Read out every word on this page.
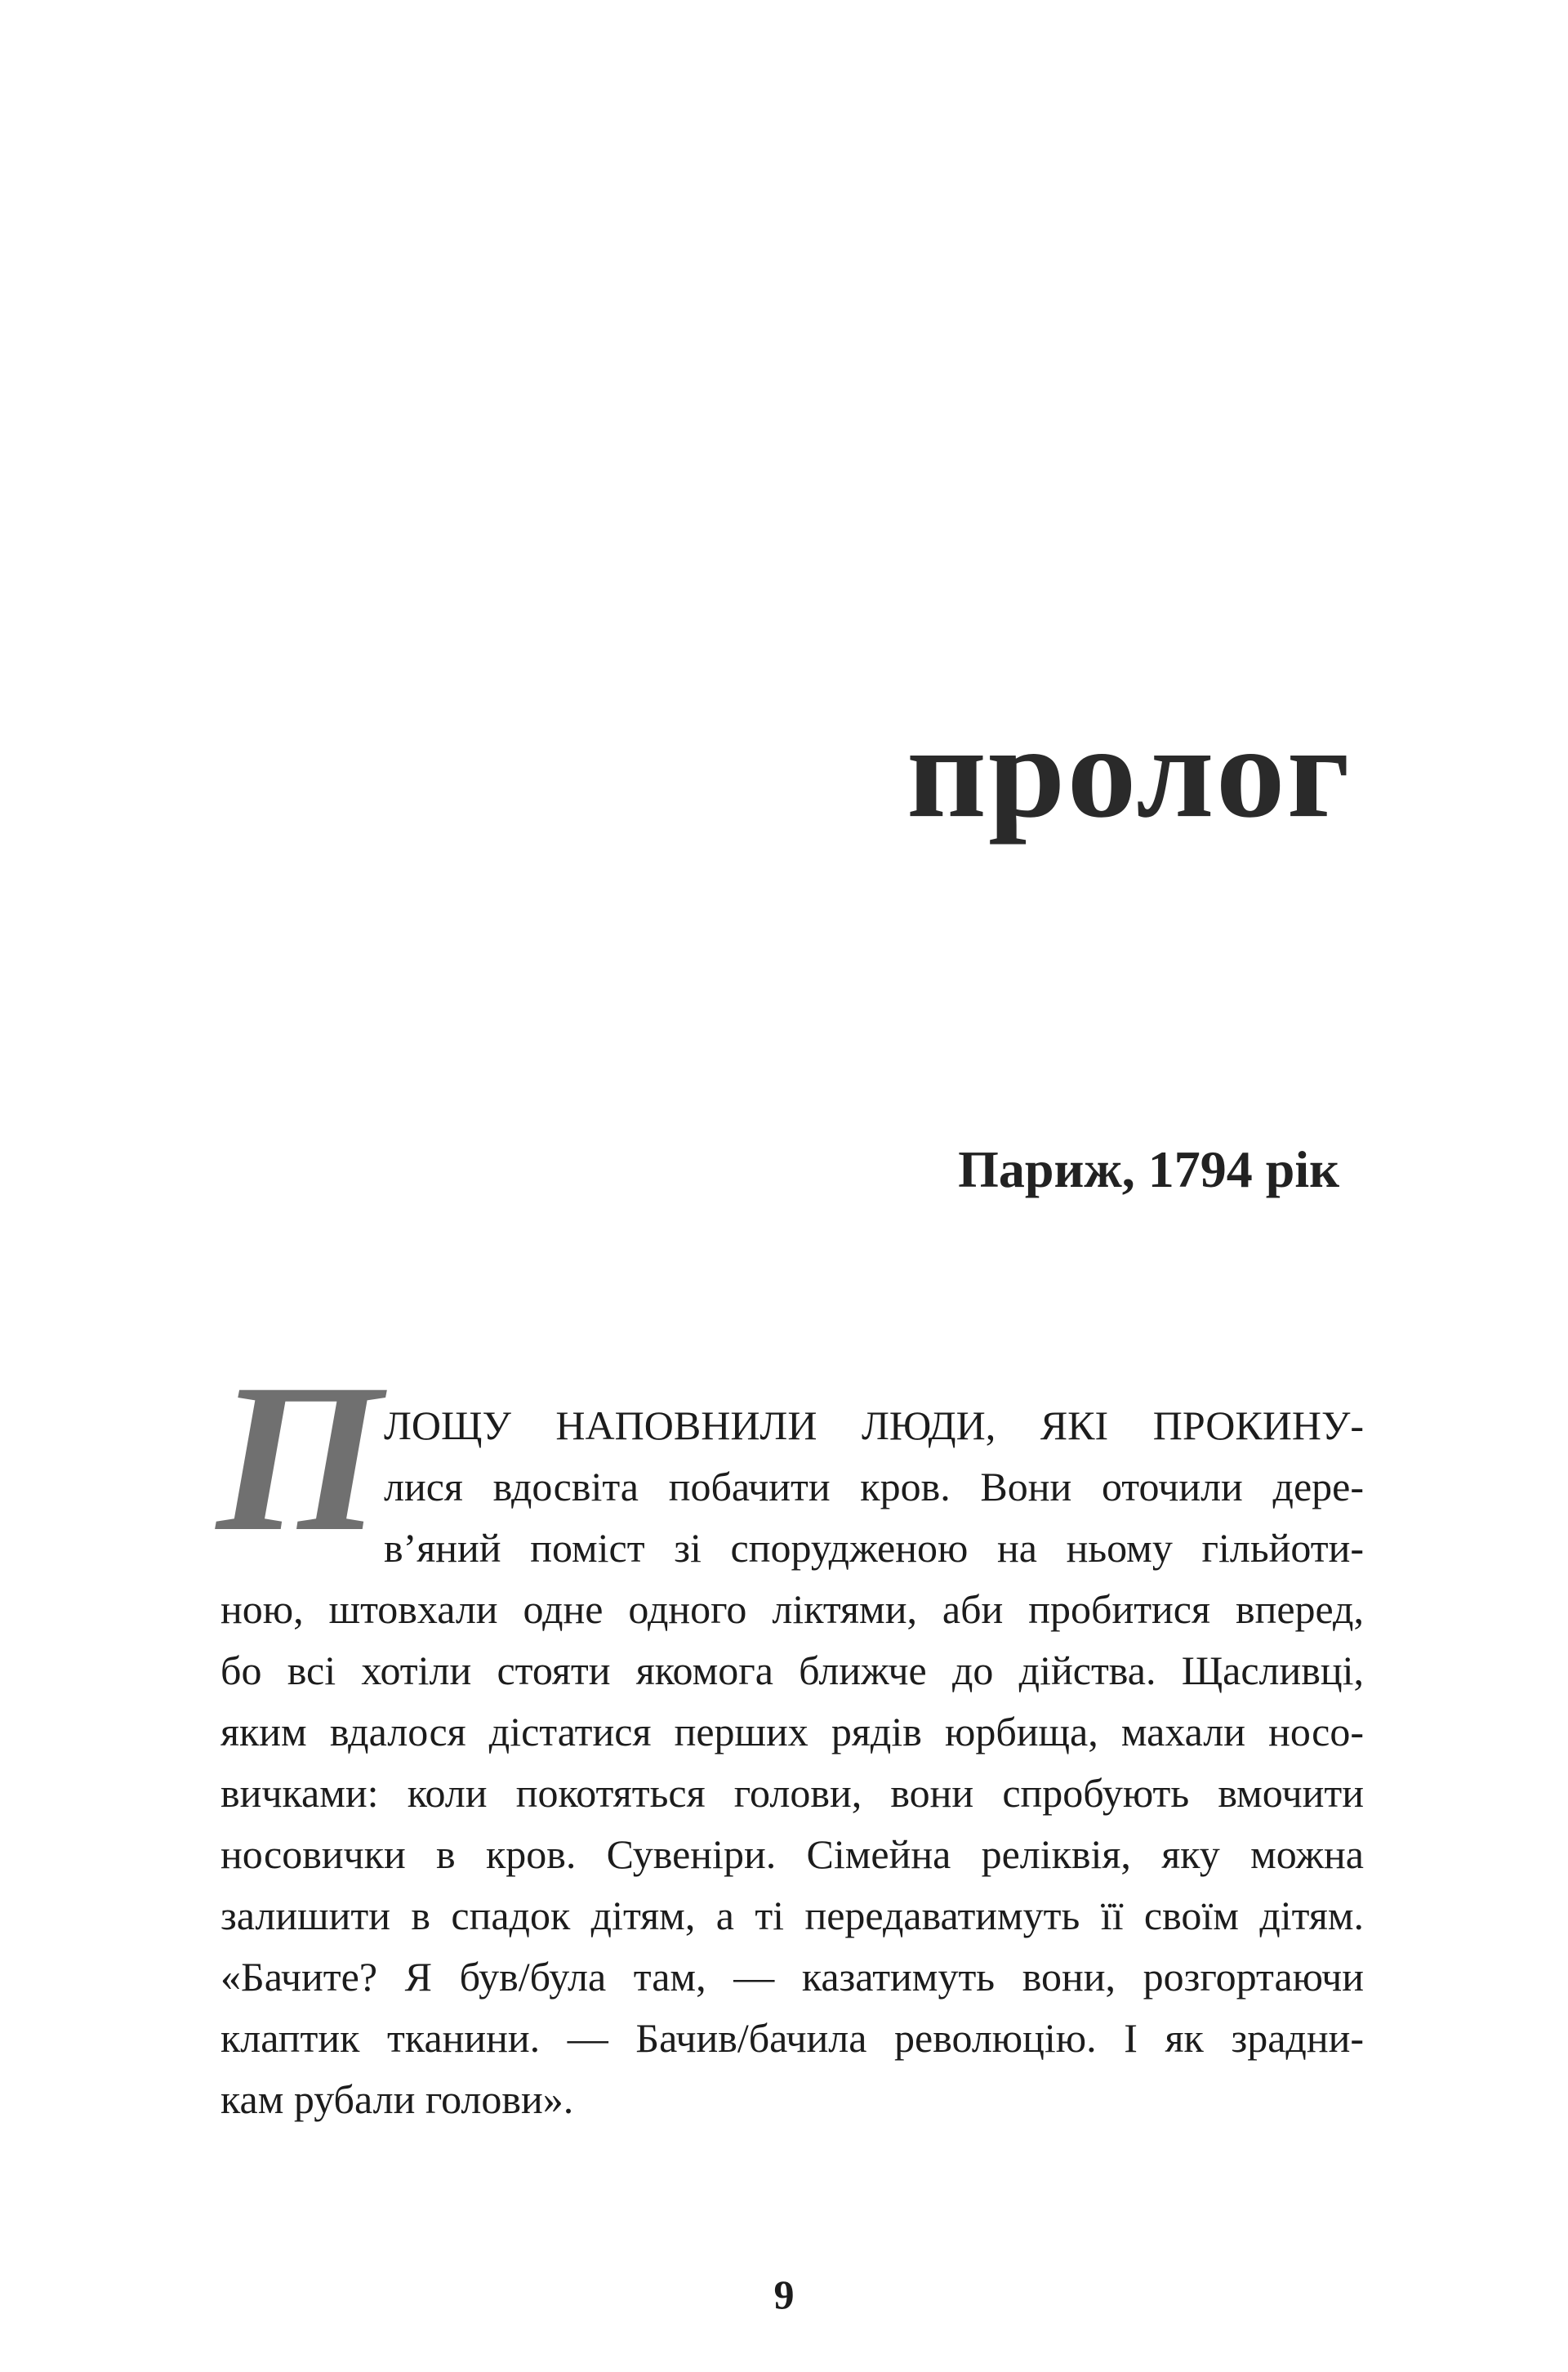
пролог
Париж, 1794 рік
П ЛОЩУ НАПОВНИЛИ ЛЮДИ, ЯКІ ПРОКИНУ-
лися вдосвіта побачити кров. Вони оточили дере-
в’яний поміст зі спорудженою на ньому гільйоти-
ною, штовхали одне одного ліктями, аби пробитися вперед,
бо всі хотіли стояти якомога ближче до дійства. Щасливці,
яким вдалося дістатися перших рядів юрбища, махали носо-
вичками: коли покотяться голови, вони спробують вмочити
носовички в кров. Сувеніри. Сімейна реліквія, яку можна
залишити в спадок дітям, а ті передаватимуть її своїм дітям.
«Бачите? Я був/була там, — казатимуть вони, розгортаючи
клаптик тканини. — Бачив/бачила революцію. І як зрадни-
кам рубали голови».
9
